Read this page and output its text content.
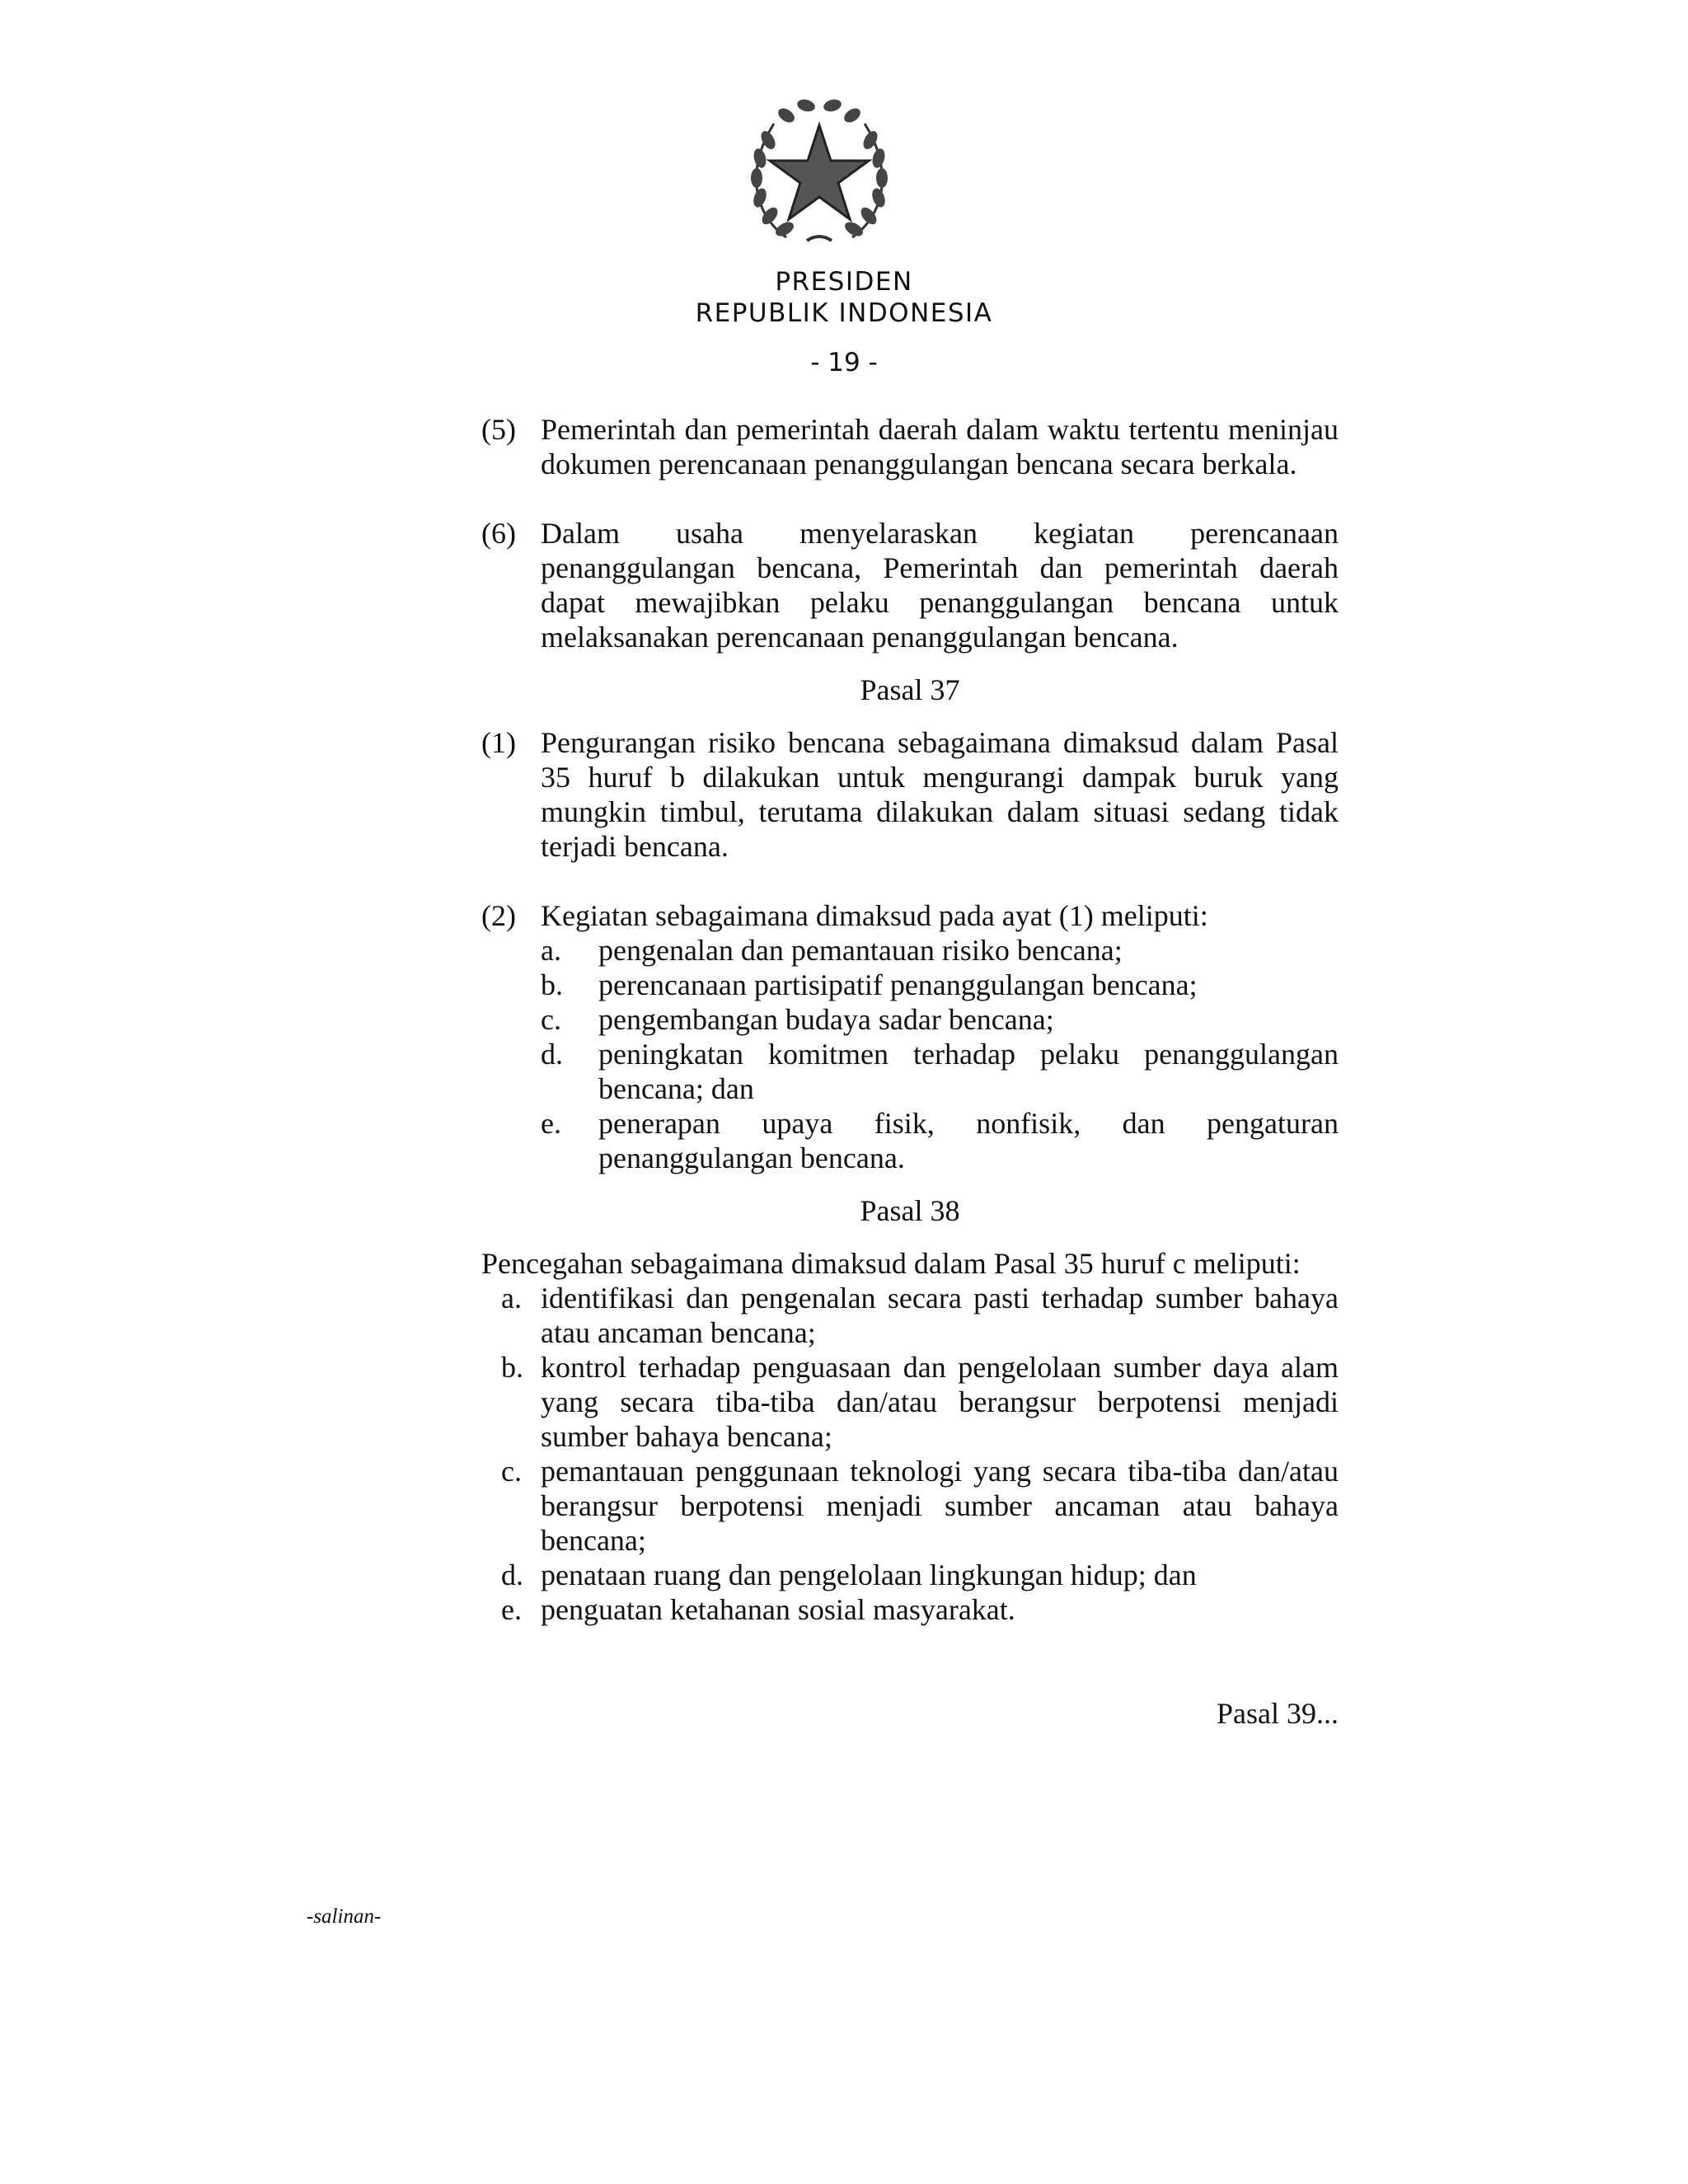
PRESIDEN
REPUBLIK INDONESIA
- 19 -
(5) Pemerintah dan pemerintah daerah dalam waktu tertentu meninjau dokumen perencanaan penanggulangan bencana secara berkala.
(6) Dalam usaha menyelaraskan kegiatan perencanaan penanggulangan bencana, Pemerintah dan pemerintah daerah dapat mewajibkan pelaku penanggulangan bencana untuk melaksanakan perencanaan penanggulangan bencana.
Pasal 37
(1) Pengurangan risiko bencana sebagaimana dimaksud dalam Pasal 35 huruf b dilakukan untuk mengurangi dampak buruk yang mungkin timbul, terutama dilakukan dalam situasi sedang tidak terjadi bencana.
(2) Kegiatan sebagaimana dimaksud pada ayat (1) meliputi:
a.	pengenalan dan pemantauan risiko bencana;
b.	perencanaan partisipatif penanggulangan bencana;
c.	pengembangan budaya sadar bencana;
d.	peningkatan komitmen terhadap pelaku penanggulangan bencana; dan
e.	penerapan upaya fisik, nonfisik, dan pengaturan penanggulangan bencana.
Pasal 38
Pencegahan sebagaimana dimaksud dalam Pasal 35 huruf c meliputi:
a. identifikasi dan pengenalan secara pasti terhadap sumber bahaya atau ancaman bencana;
b. kontrol terhadap penguasaan dan pengelolaan sumber daya alam yang secara tiba-tiba dan/atau berangsur berpotensi menjadi sumber bahaya bencana;
c. pemantauan penggunaan teknologi yang secara tiba-tiba dan/atau berangsur berpotensi menjadi sumber ancaman atau bahaya bencana;
d. penataan ruang dan pengelolaan lingkungan hidup; dan
e. penguatan ketahanan sosial masyarakat.
Pasal 39...
-salinan-
